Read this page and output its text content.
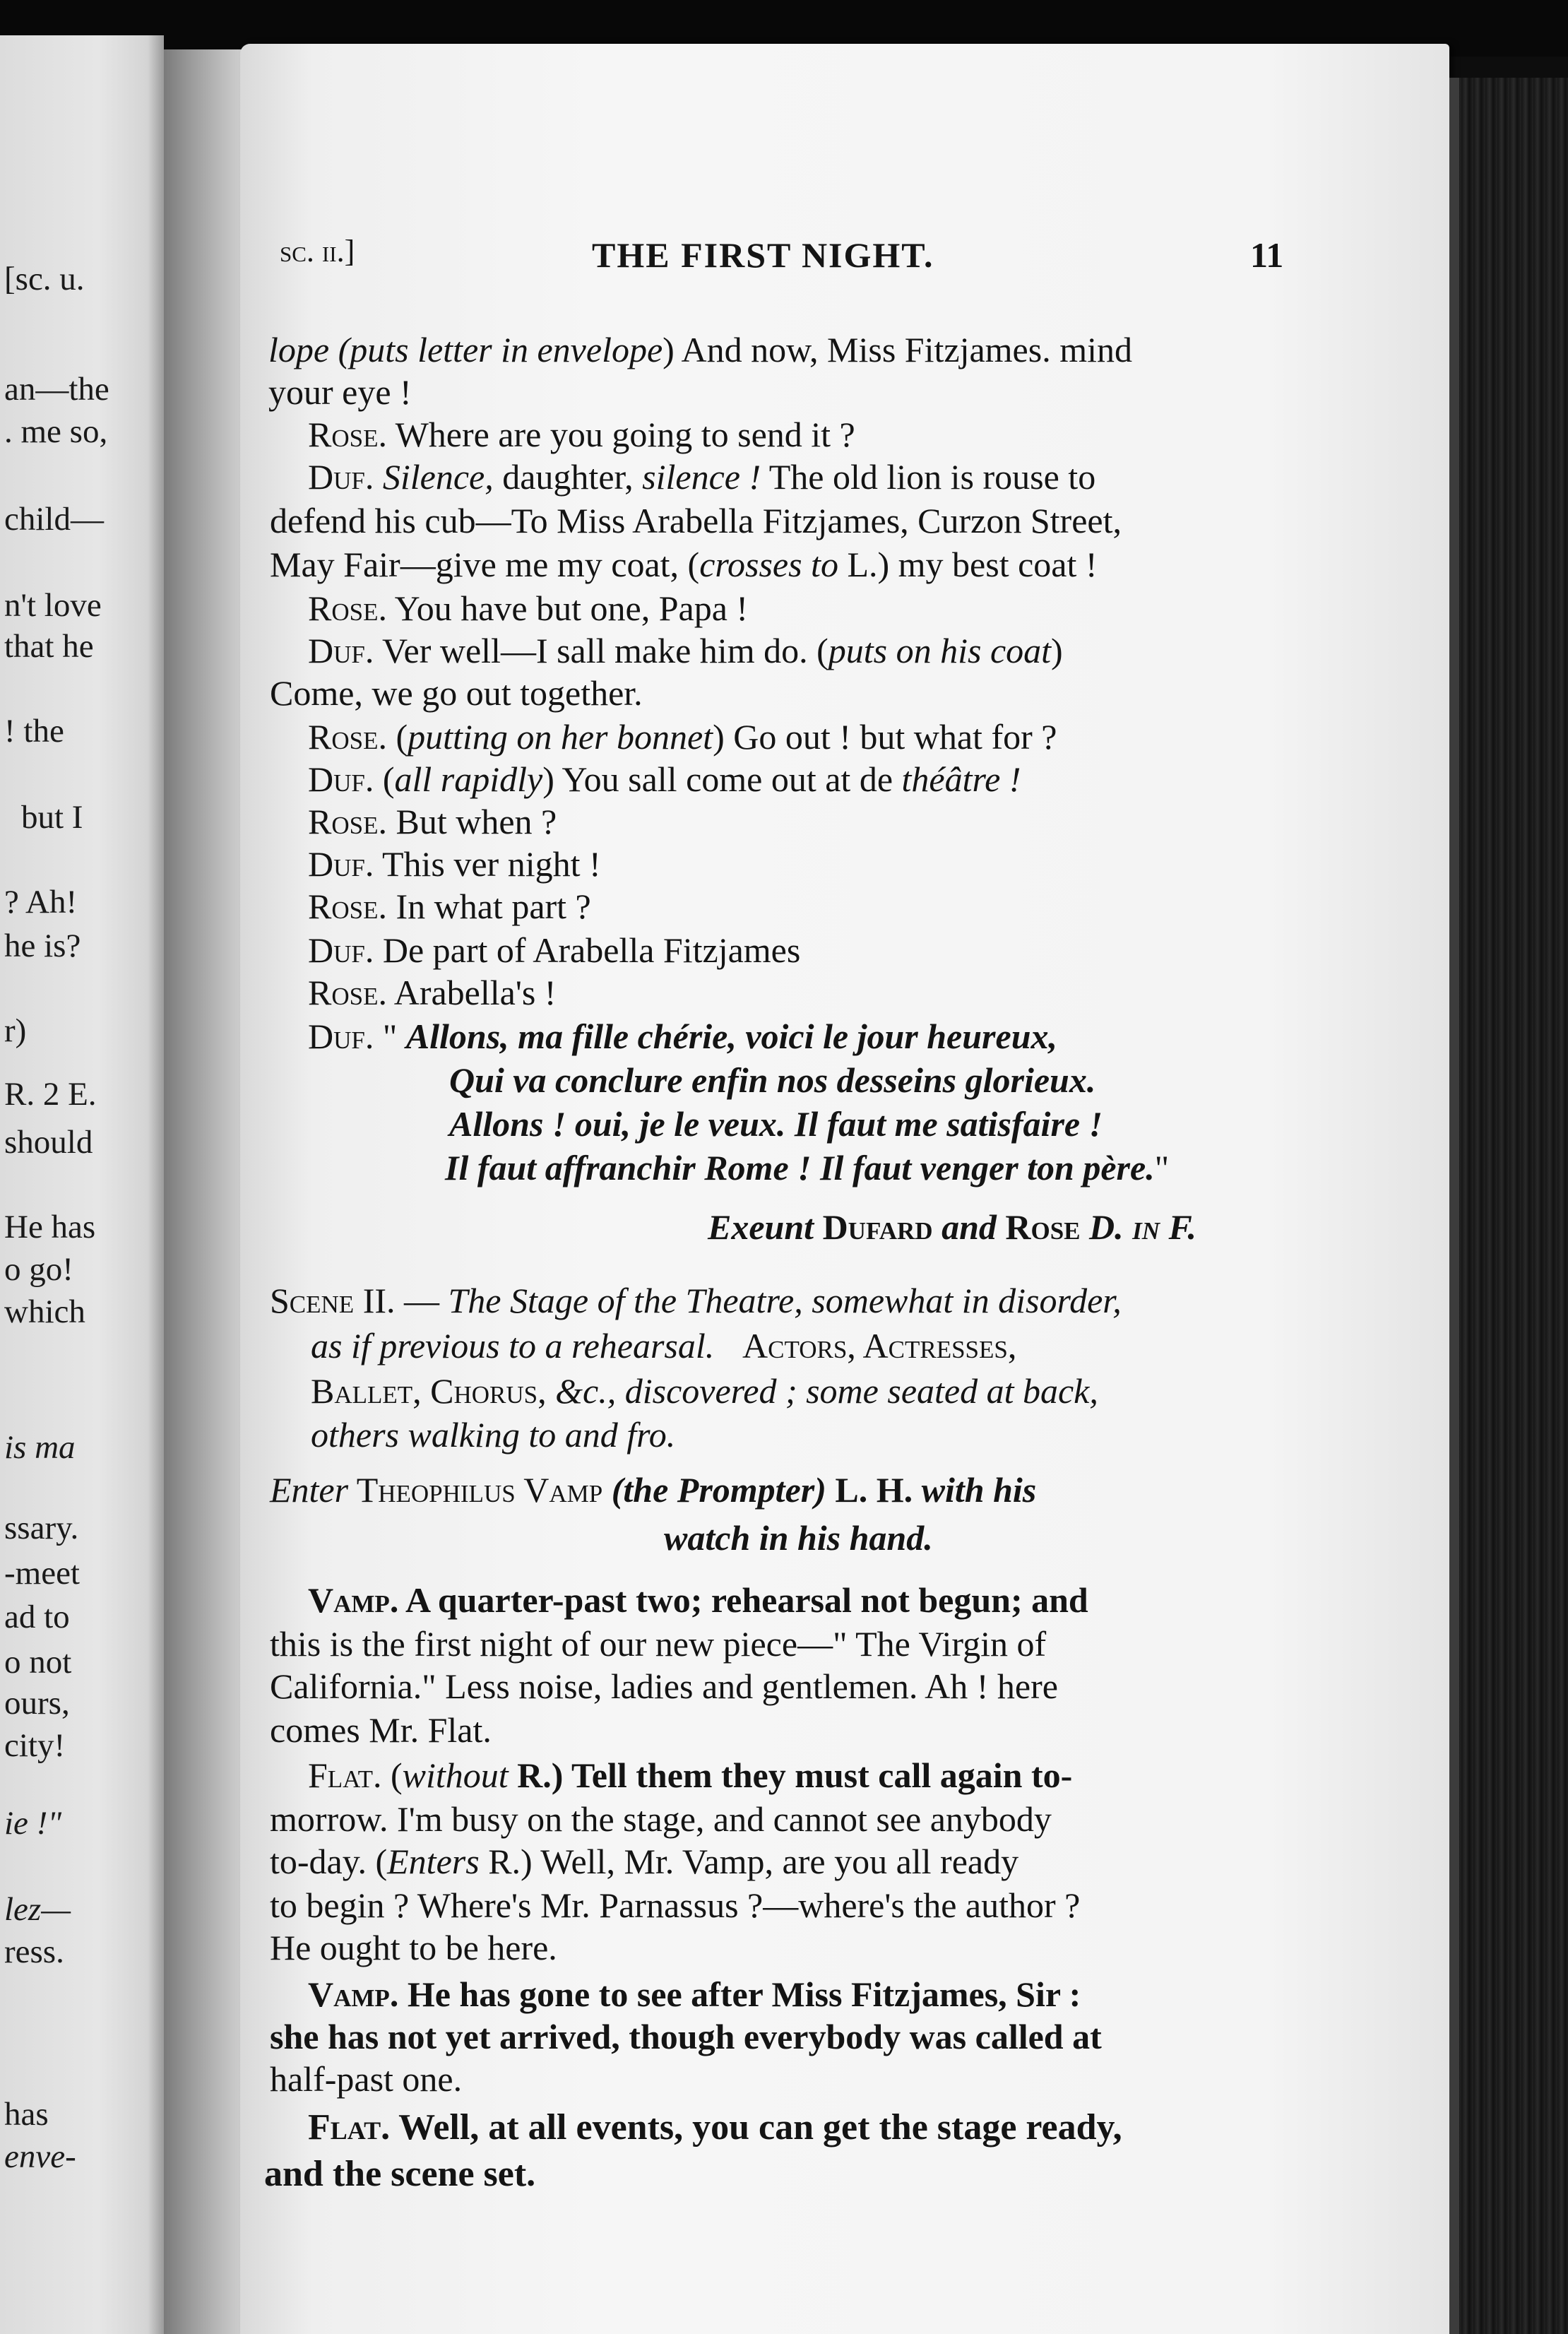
[sc. u.
an—the
. me so,
child—
n't love
that he
! the
but I
? Ah!
he is?
r)
R. 2 E.
should
He has
o go!
which
is ma
ssary.
-meet
ad to
o not
ours,
city!
ie !"
lez—
ress.
has
enve-
sc. ii.]	THE FIRST NIGHT.	11
lope (puts letter in envelope) And now, Miss Fitzjames. mind
your eye !
Rose. Where are you going to send it ?
Duf. Silence, daughter, silence ! The old lion is rouse to
defend his cub—To Miss Arabella Fitzjames, Curzon Street,
May Fair—give me my coat, (crosses to L.) my best coat !
Rose. You have but one, Papa !
Duf. Ver well—I sall make him do. (puts on his coat)
Come, we go out together.
Rose. (putting on her bonnet) Go out ! but what for ?
Duf. (all rapidly) You sall come out at de théâtre !
Rose. But when ?
Duf. This ver night !
Rose. In what part ?
Duf. De part of Arabella Fitzjames
Rose. Arabella's !
Duf. " Allons, ma fille chérie, voici le jour heureux,
Qui va conclure enfin nos desseins glorieux.
Allons ! oui, je le veux. Il faut me satisfaire !
Il faut affranchir Rome ! Il faut venger ton père."
Exeunt Dufard and Rose D. in F.
Scene II. — The Stage of the Theatre, somewhat in disorder,
as if previous to a rehearsal. Actors, Actresses,
Ballet, Chorus, &c., discovered ; some seated at back,
others walking to and fro.
Enter Theophilus Vamp (the Prompter) L. H. with his
watch in his hand.
Vamp. A quarter-past two; rehearsal not begun; and
this is the first night of our new piece—" The Virgin of
California." Less noise, ladies and gentlemen. Ah ! here
comes Mr. Flat.
Flat. (without R.) Tell them they must call again to-
morrow. I'm busy on the stage, and cannot see anybody
to-day. (Enters R.) Well, Mr. Vamp, are you all ready
to begin ? Where's Mr. Parnassus ?—where's the author ?
He ought to be here.
Vamp. He has gone to see after Miss Fitzjames, Sir :
she has not yet arrived, though everybody was called at
half-past one.
Flat. Well, at all events, you can get the stage ready,
and the scene set.
